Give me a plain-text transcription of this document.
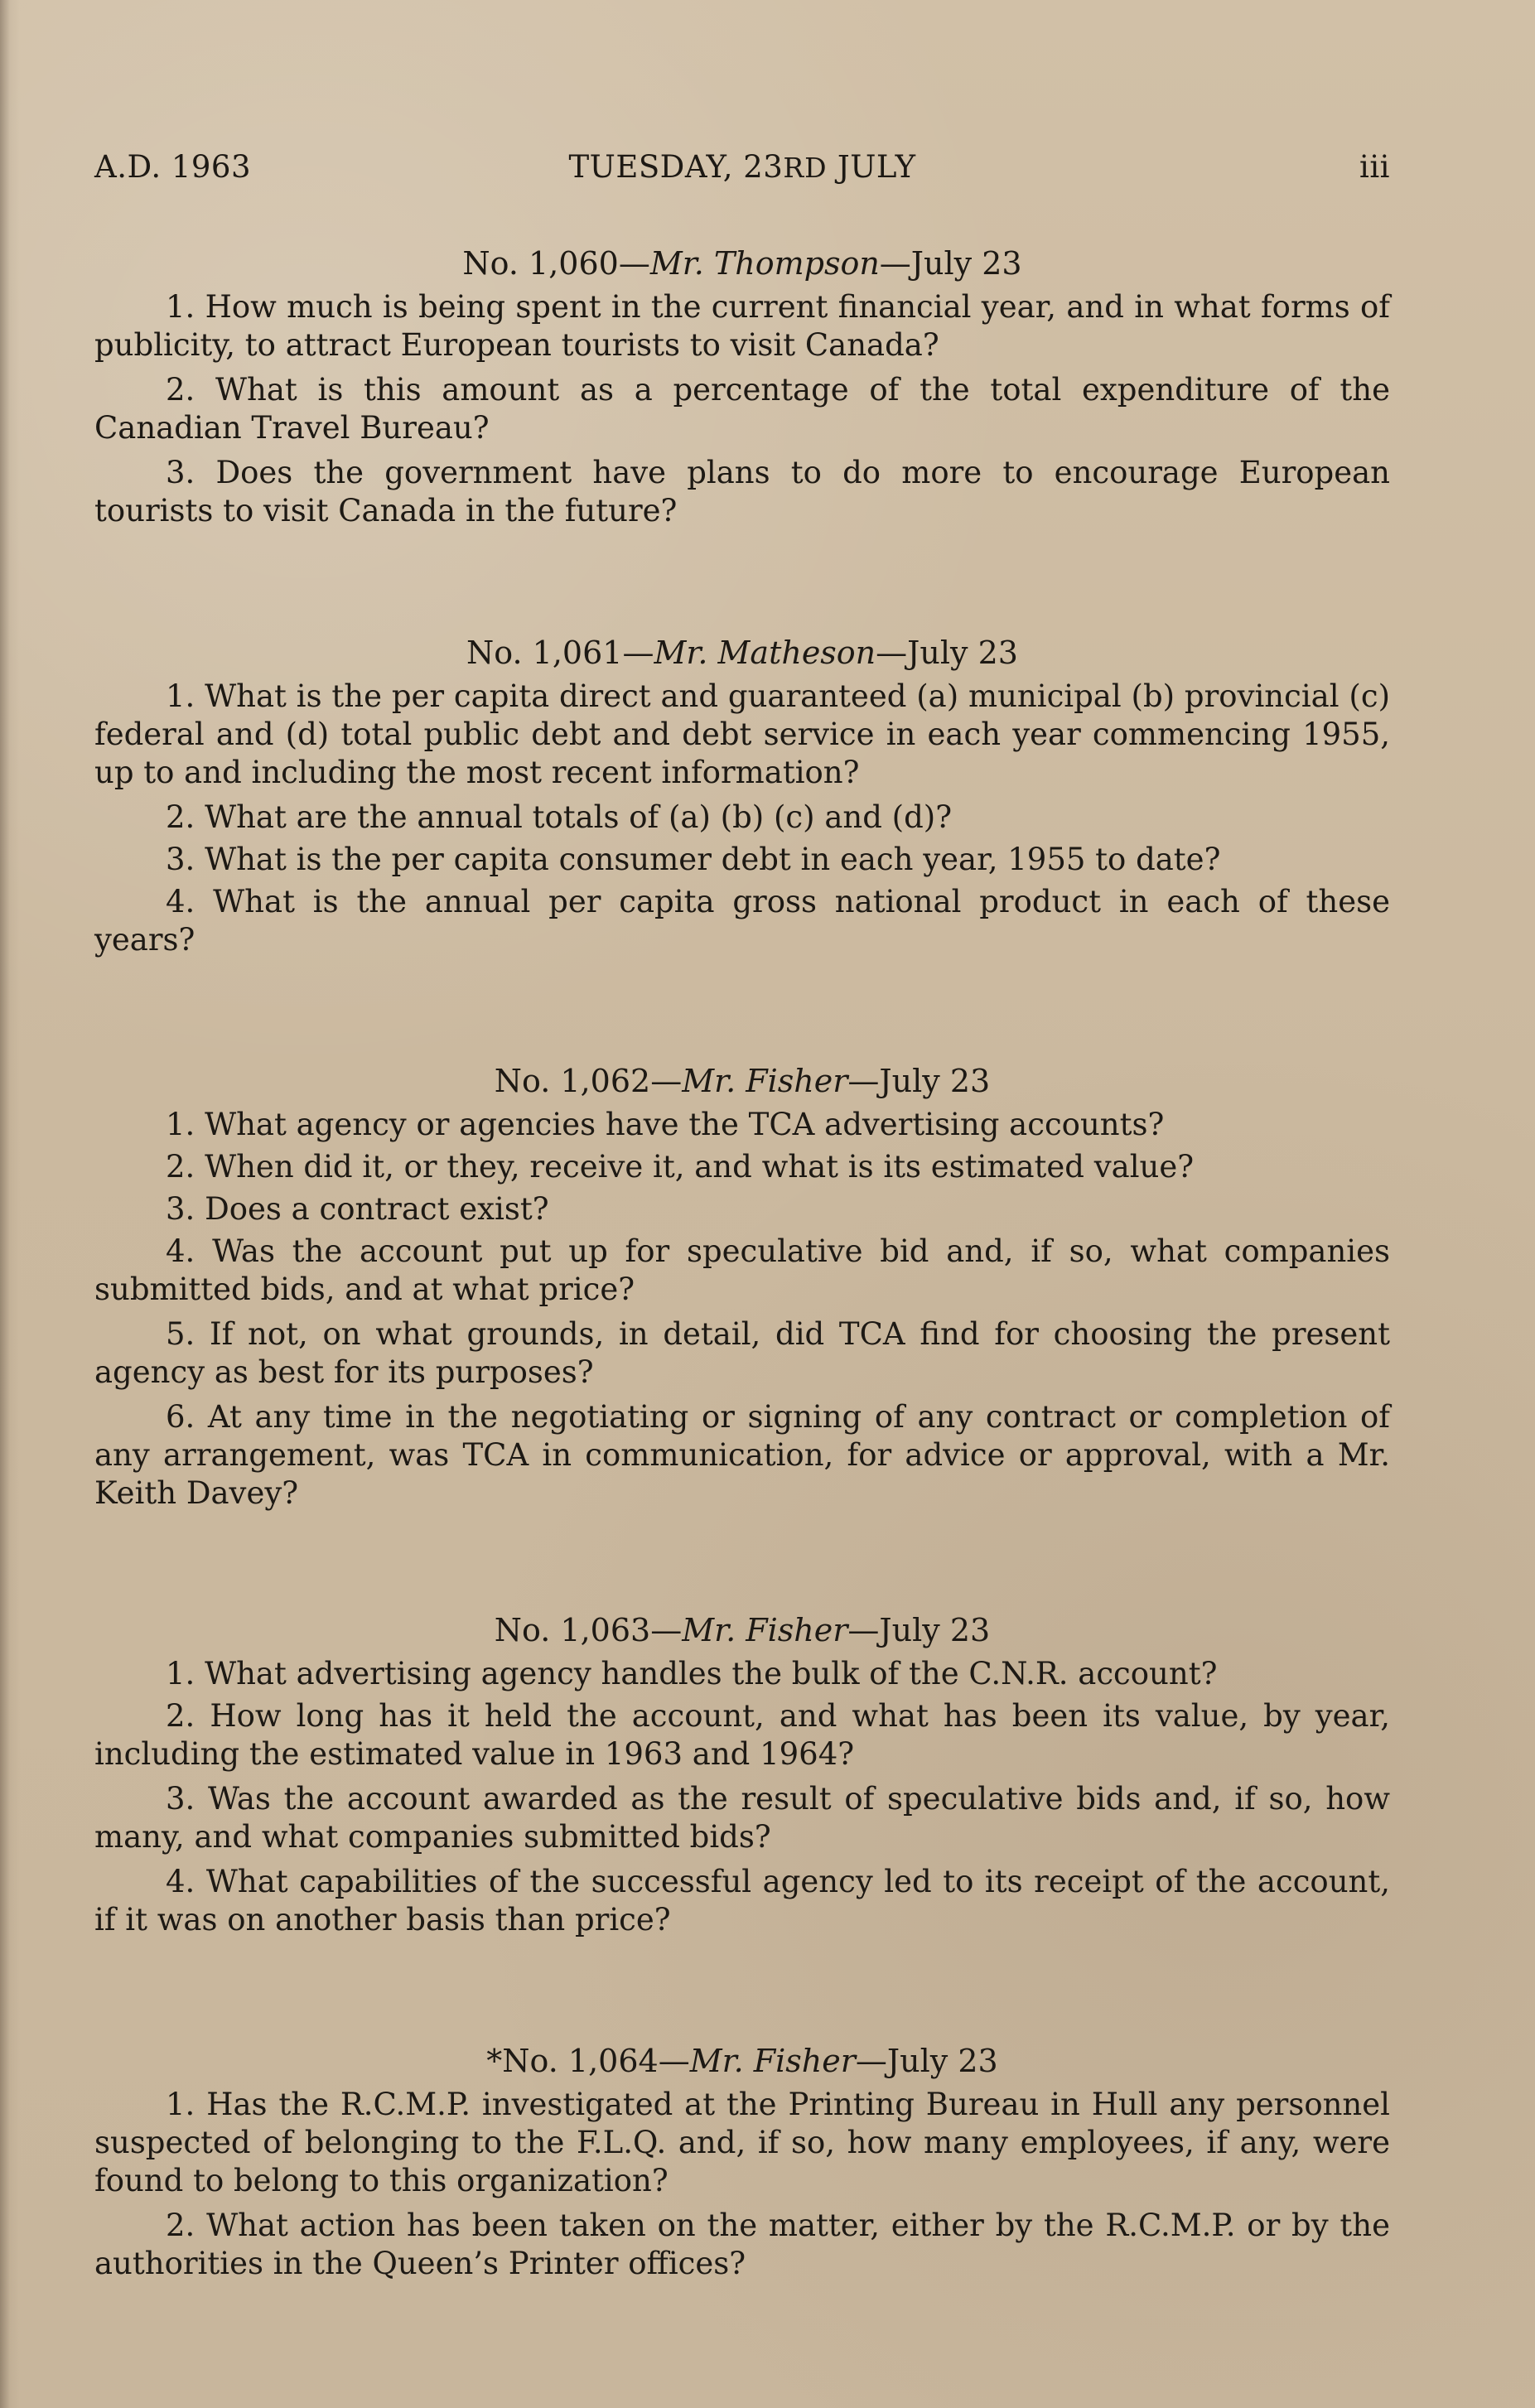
A.D. 1963	TUESDAY, 23RD JULY	iii
No. 1,060—Mr. Thompson—July 23

1. How much is being spent in the current financial year, and in what forms of publicity, to attract European tourists to visit Canada?

2. What is this amount as a percentage of the total expenditure of the Canadian Travel Bureau?

3. Does the government have plans to do more to encourage European tourists to visit Canada in the future?

No. 1,061—Mr. Matheson—July 23

1. What is the per capita direct and guaranteed (a) municipal (b) provincial (c) federal and (d) total public debt and debt service in each year commencing 1955, up to and including the most recent information?

2. What are the annual totals of (a) (b) (c) and (d)?

3. What is the per capita consumer debt in each year, 1955 to date?

4. What is the annual per capita gross national product in each of these years?

No. 1,062—Mr. Fisher—July 23

1. What agency or agencies have the TCA advertising accounts?

2. When did it, or they, receive it, and what is its estimated value?

3. Does a contract exist?

4. Was the account put up for speculative bid and, if so, what companies submitted bids, and at what price?

5. If not, on what grounds, in detail, did TCA find for choosing the present agency as best for its purposes?

6. At any time in the negotiating or signing of any contract or completion of any arrangement, was TCA in communication, for advice or approval, with a Mr. Keith Davey?

No. 1,063—Mr. Fisher—July 23

1. What advertising agency handles the bulk of the C.N.R. account?

2. How long has it held the account, and what has been its value, by year, including the estimated value in 1963 and 1964?

3. Was the account awarded as the result of speculative bids and, if so, how many, and what companies submitted bids?

4. What capabilities of the successful agency led to its receipt of the account, if it was on another basis than price?

*No. 1,064—Mr. Fisher—July 23

1. Has the R.C.M.P. investigated at the Printing Bureau in Hull any personnel suspected of belonging to the F.L.Q. and, if so, how many employees, if any, were found to belong to this organization?

2. What action has been taken on the matter, either by the R.C.M.P. or by the authorities in the Queen’s Printer offices?
